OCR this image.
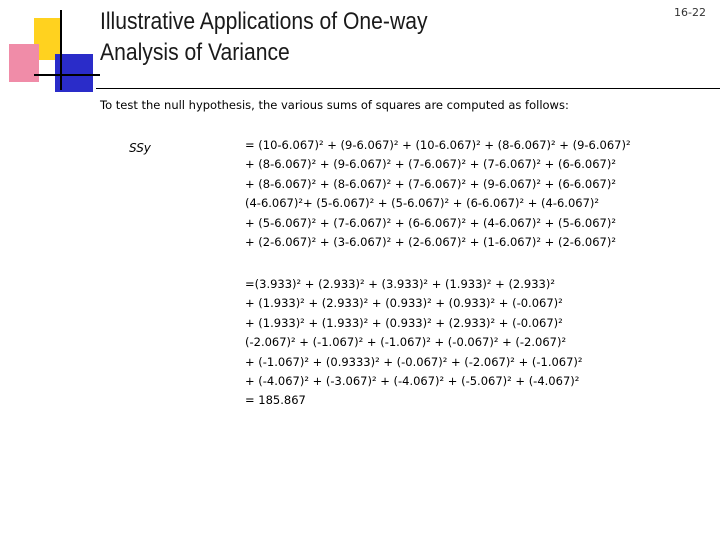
Illustrative Applications of One-way
Analysis of Variance
16-22
To test the null hypothesis, the various sums of squares are computed as follows:
SSy	= (10-6.067)² + (9-6.067)² + (10-6.067)² + (8-6.067)² + (9-6.067)²
+ (8-6.067)² + (9-6.067)² + (7-6.067)² + (7-6.067)² + (6-6.067)²
+ (8-6.067)² + (8-6.067)² + (7-6.067)² + (9-6.067)² + (6-6.067)²
(4-6.067)²+ (5-6.067)² + (5-6.067)² + (6-6.067)² + (4-6.067)²
+ (5-6.067)² + (7-6.067)² + (6-6.067)² + (4-6.067)² + (5-6.067)²
+ (2-6.067)² + (3-6.067)² + (2-6.067)² + (1-6.067)² + (2-6.067)²
=(3.933)² + (2.933)² + (3.933)² + (1.933)² + (2.933)²
+ (1.933)² + (2.933)² + (0.933)² + (0.933)² + (-0.067)²
+ (1.933)² + (1.933)² + (0.933)² + (2.933)² + (-0.067)²
(-2.067)² + (-1.067)² + (-1.067)² + (-0.067)² + (-2.067)²
+ (-1.067)² + (0.9333)² + (-0.067)² + (-2.067)² + (-1.067)²
+ (-4.067)² + (-3.067)² + (-4.067)² + (-5.067)² + (-4.067)²
= 185.867
